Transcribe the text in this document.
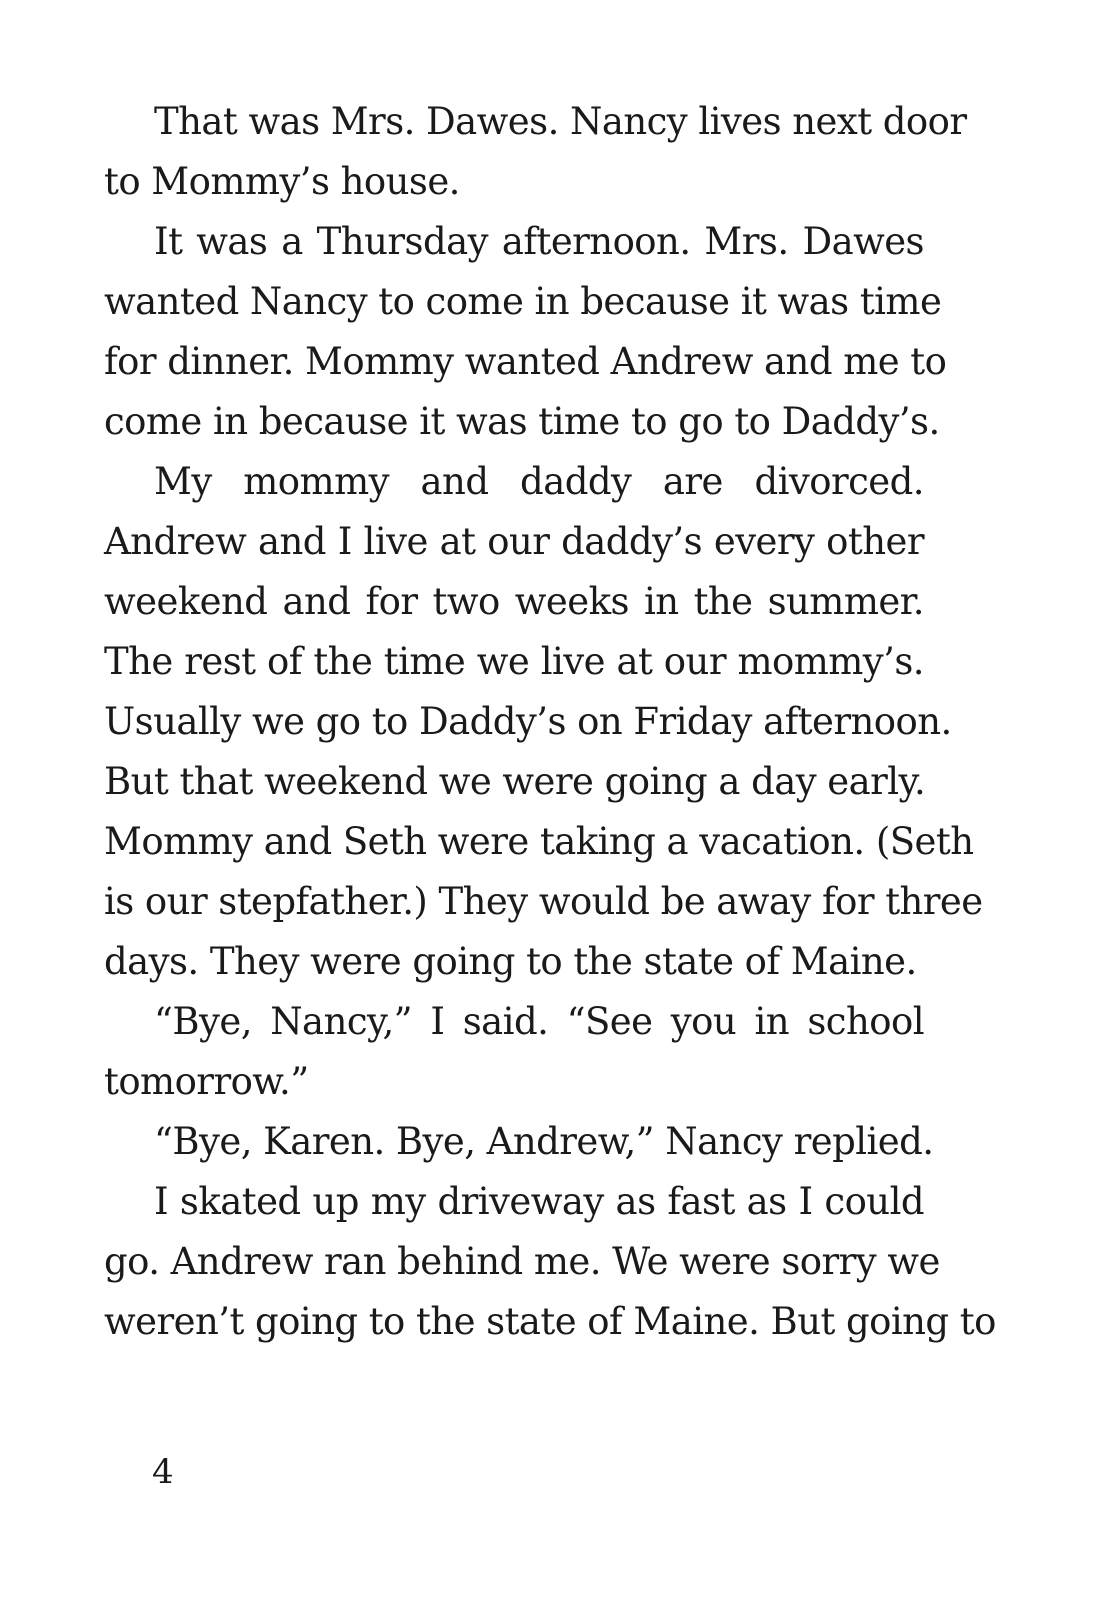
That was Mrs. Dawes. Nancy lives next door
to Mommy’s house.
It was a Thursday afternoon. Mrs. Dawes
wanted Nancy to come in because it was time
for dinner. Mommy wanted Andrew and me to
come in because it was time to go to Daddy’s.
My mommy and daddy are divorced.
Andrew and I live at our daddy’s every other
weekend and for two weeks in the summer.
The rest of the time we live at our mommy’s.
Usually we go to Daddy’s on Friday afternoon.
But that weekend we were going a day early.
Mommy and Seth were taking a vacation. (Seth
is our stepfather.) They would be away for three
days. They were going to the state of Maine.
“Bye, Nancy,” I said. “See you in school
tomorrow.”
“Bye, Karen. Bye, Andrew,” Nancy replied.
I skated up my driveway as fast as I could
go. Andrew ran behind me. We were sorry we
weren’t going to the state of Maine. But going to
4
